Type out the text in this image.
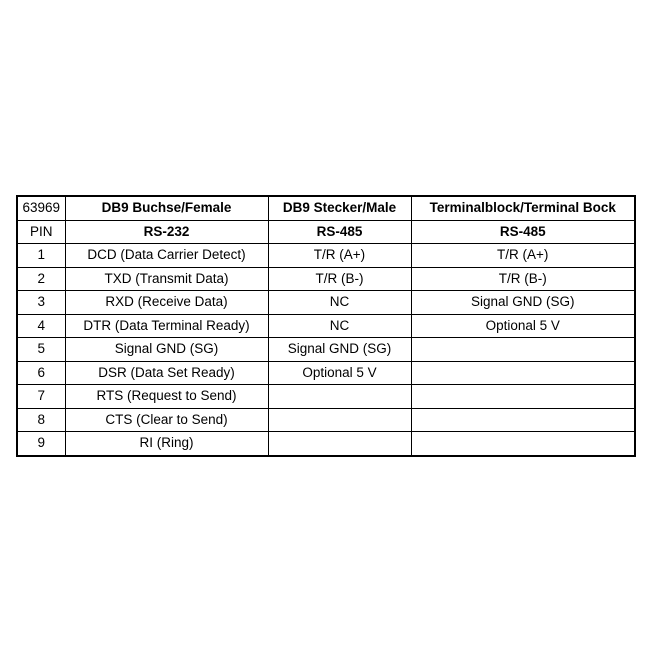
63969	DB9 Buchse/Female	DB9 Stecker/Male	Terminalblock/Terminal Bock
PIN	RS-232	RS-485	RS-485
1	DCD (Data Carrier Detect)	T/R (A+)	T/R (A+)
2	TXD (Transmit Data)	T/R (B-)	T/R (B-)
3	RXD (Receive Data)	NC	Signal GND (SG)
4	DTR (Data Terminal Ready)	NC	Optional 5 V
5	Signal GND (SG)	Signal GND (SG)	
6	DSR (Data Set Ready)	Optional 5 V	
7	RTS (Request to Send)		
8	CTS (Clear to Send)		
9	RI (Ring)		
